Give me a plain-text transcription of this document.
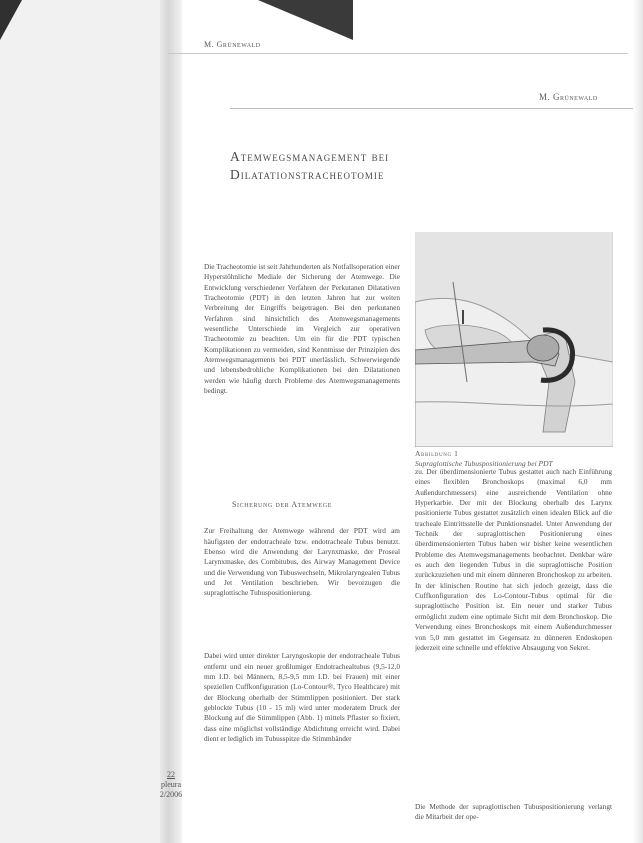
M. Grünewald
M. Grünewald
Atemwegsmanagement bei
Dilatationstracheotomie

Die Tracheotomie ist seit Jahrhunderten als Notfallsoperation einer Hyperstöhnliche Mediale der Sicherung der Atemwege. Die Entwicklung verschiedener Verfahren der Perkutanen Dilatativen Tracheotomie (PDT) in den letzten Jahren hat zur weiten Verbreitung der Eingriffs beigetragen. Bei den perkutanen Verfahren sind hinsichtlich des Atemwegsmanagements wesentliche Unterschiede im Vergleich zur operativen Tracheotomie zu beachten. Um ein für die PDT typischen Komplikationen zu vermeiden, sind Kenntnisse der Prinzipien des Atemwegsmanagements bei PDT unerlässlich. Schwerwiegende und lebensbedrohliche Komplikationen bei den Dilatationen werden wie häufig durch Probleme des Atemwegsmanagements bedingt.

Sicherung der Atemwege

Zur Freihaltung der Atemwege während der PDT wird am häufigsten der endotracheale bzw. endotracheale Tubus benutzt. Ebenso wird die Anwendung der Larynxmaske, der Proseal Larynxmaske, des Combitubus, des Airway Management Device und die Verwendung von Tubuswechseln, Mikrolaryngealen Tubus und Jet Ventilation beschrieben. Wir bevorzugen die supraglottische Tubuspositionierung.

Dabei wird unter direkter Laryngoskopie der endotracheale Tubus entfernt und ein neuer großlumiger Endotrachealtubus (9,5-12,0 mm I.D. bei Männern, 8,5-9,5 mm I.D. bei Frauen) mit einer speziellen Cuffkonfiguration (Lo-Contour®, Tyco Healthcare) mit der Blockung oberhalb der Stimmlippen positioniert. Der stark geblockte Tubus (10 - 15 ml) wird unter moderatem Druck der Blockung auf die Stimmlippen (Abb. 1) mittels Pflaster so fixiert, dass eine möglichst vollständige Abdichtung erreicht wird. Dabei dient er lediglich im Tubusspitze die Stimmbänder

Abbildung 1
Supraglottische Tubuspositionierung bei PDT

zu. Der überdimensionierte Tubus gestattet auch nach Einführung eines flexiblen Bronchoskops (maximal 6,0 mm Außendurchmessers) eine ausreichende Ventilation ohne Hyperkarbie. Der mit der Blockung oberhalb des Larynx positionierte Tubus gestattet zusätzlich einen idealen Blick auf die tracheale Eintrittsstelle der Punktionsnadel. Unter Anwendung der Technik der supraglottischen Positionierung eines überdimensionierten Tubus haben wir bisher keine wesentlichen Probleme des Atemwegsmanagements beobachtet. Denkbar wäre es auch den liegenden Tubus in die supraglottische Position zurückzuziehen und mit einem dünneren Bronchoskop zu arbeiten. In der klinischen Routine hat sich jedoch gezeigt, dass die Cuffkonfiguration des Lo-Contour-Tubus optimal für die supraglottische Position ist. Ein neuer und starker Tubus ermöglicht zudem eine optimale Sicht mit dem Bronchoskop. Die Verwendung eines Bronchoskops mit einem Außendurchmesser von 5,0 mm gestattet im Gegensatz zu dünneren Endoskopen jederzeit eine schnelle und effektive Absaugung von Sekret.

Die Methode der supraglottischen Tubuspositionierung verlangt die Mitarbeit der ope-

22
pleura
2/2006
